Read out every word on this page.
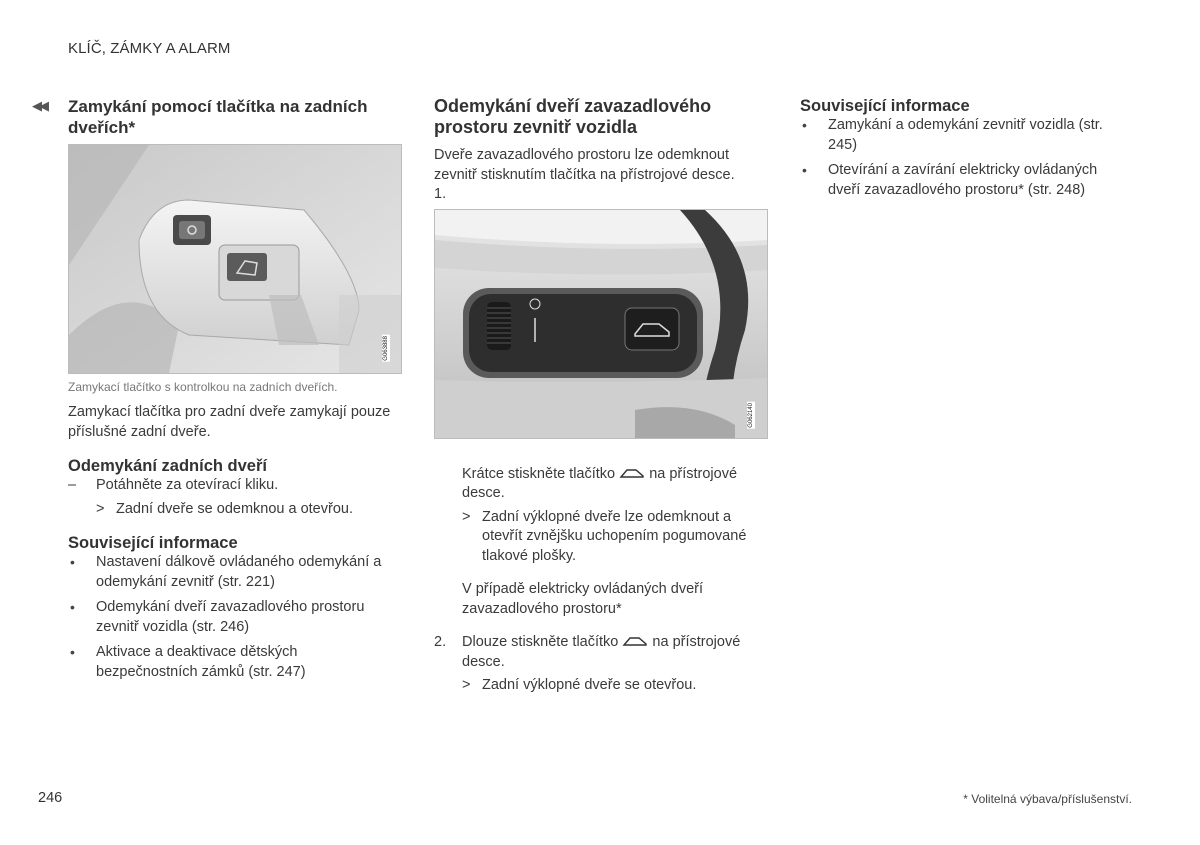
KLÍČ, ZÁMKY A ALARM
◀◀ Zamykání pomocí tlačítka na zadních dveřích*
G063888

Zamykací tlačítko s kontrolkou na zadních dveřích.

Zamykací tlačítka pro zadní dveře zamykají pouze příslušné zadní dveře.

Odemykání zadních dveří
– Potáhněte za otevírací kliku.
> Zadní dveře se odemknou a otevřou.
Související informace
• Nastavení dálkově ovládaného odemykání a odemykání zevnitř (str. 221)
• Odemykání dveří zavazadlového prostoru zevnitř vozidla (str. 246)
• Aktivace a deaktivace dětských bezpečnostních zámků (str. 247)
Odemykání dveří zavazadlového prostoru zevnitř vozidla

Dveře zavazadlového prostoru lze odemknout zevnitř stisknutím tlačítka na přístrojové desce.

1.

G062140
Krátce stiskněte tlačítko na přístrojové desce.
> Zadní výklopné dveře lze odemknout a otevřít zvnějšku uchopením pogumované tlakové plošky.
V případě elektricky ovládaných dveří zavazadlového prostoru*
2. Dlouze stiskněte tlačítko na přístrojové desce.
> Zadní výklopné dveře se otevřou.
Související informace
• Zamykání a odemykání zevnitř vozidla (str. 245)
• Otevírání a zavírání elektricky ovládaných dveří zavazadlového prostoru* (str. 248)
246	* Volitelná výbava/příslušenství.
